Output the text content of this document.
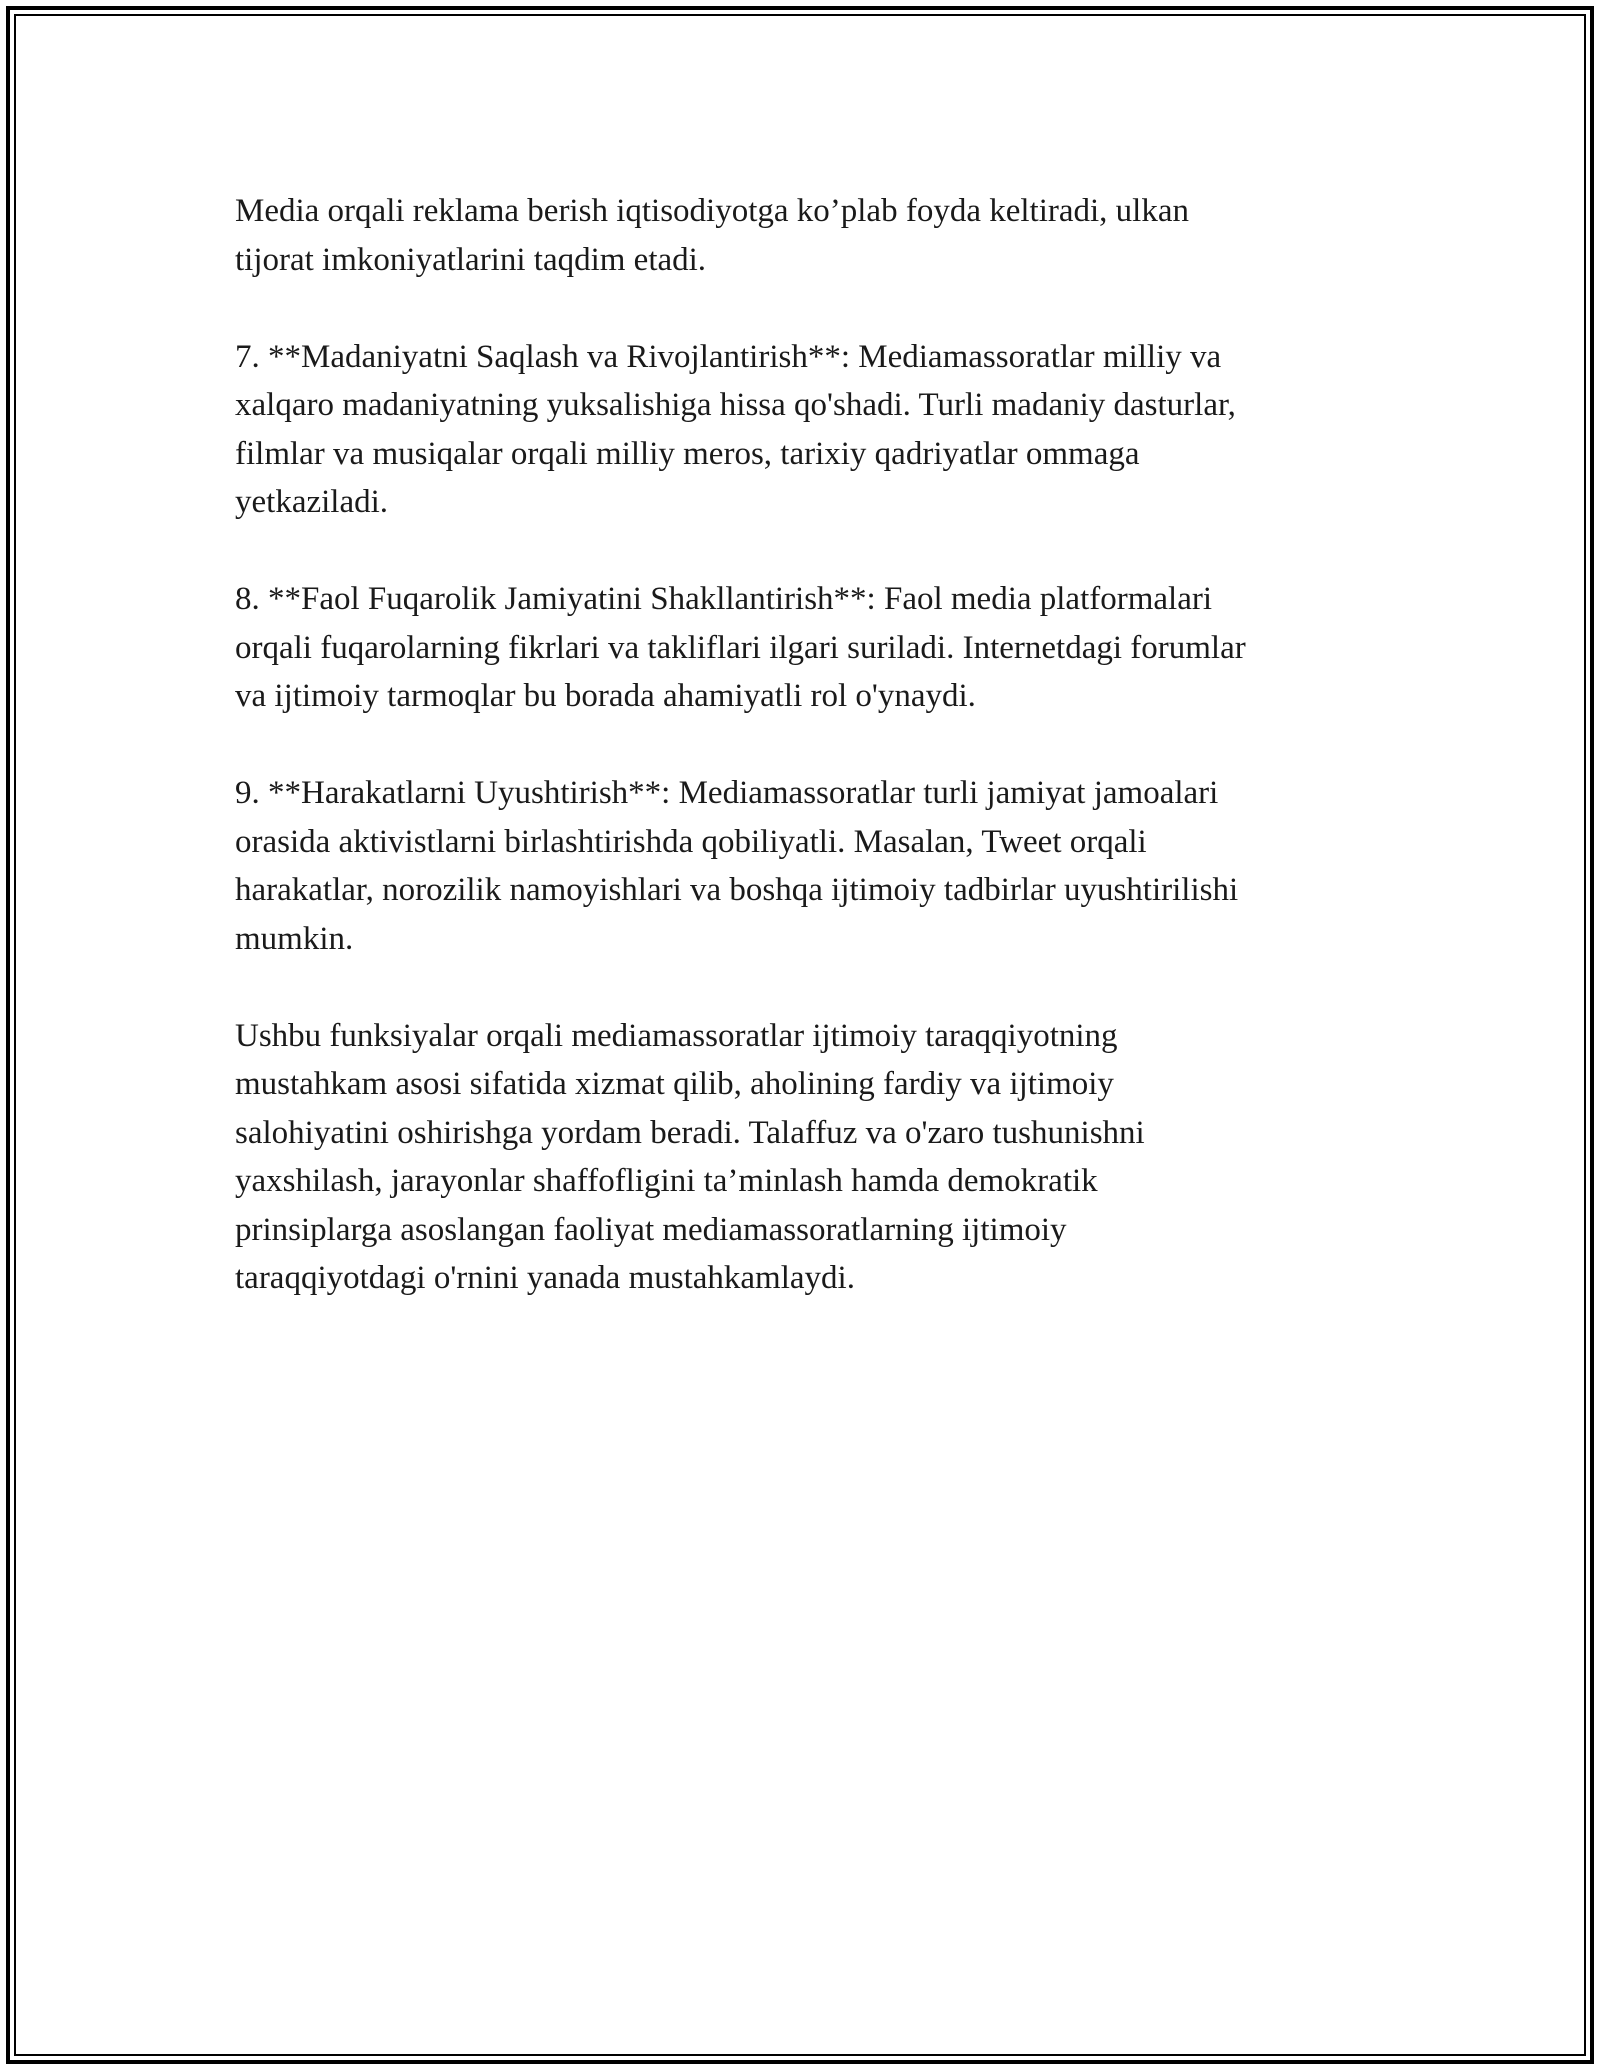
Media orqali reklama berish iqtisodiyotga ko’plab foyda keltiradi, ulkan
tijorat imkoniyatlarini taqdim etadi.

7. **Madaniyatni Saqlash va Rivojlantirish**: Mediamassoratlar milliy va
xalqaro madaniyatning yuksalishiga hissa qo'shadi. Turli madaniy dasturlar,
filmlar va musiqalar orqali milliy meros, tarixiy qadriyatlar ommaga
yetkaziladi.

8. **Faol Fuqarolik Jamiyatini Shakllantirish**: Faol media platformalari
orqali fuqarolarning fikrlari va takliflari ilgari suriladi. Internetdagi forumlar
va ijtimoiy tarmoqlar bu borada ahamiyatli rol o'ynaydi.

9. **Harakatlarni Uyushtirish**: Mediamassoratlar turli jamiyat jamoalari
orasida aktivistlarni birlashtirishda qobiliyatli. Masalan, Tweet orqali
harakatlar, norozilik namoyishlari va boshqa ijtimoiy tadbirlar uyushtirilishi
mumkin.

Ushbu funksiyalar orqali mediamassoratlar ijtimoiy taraqqiyotning
mustahkam asosi sifatida xizmat qilib, aholining fardiy va ijtimoiy
salohiyatini oshirishga yordam beradi. Talaffuz va o'zaro tushunishni
yaxshilash, jarayonlar shaffofligini ta’minlash hamda demokratik
prinsiplarga asoslangan faoliyat mediamassoratlarning ijtimoiy
taraqqiyotdagi o'rnini yanada mustahkamlaydi.
